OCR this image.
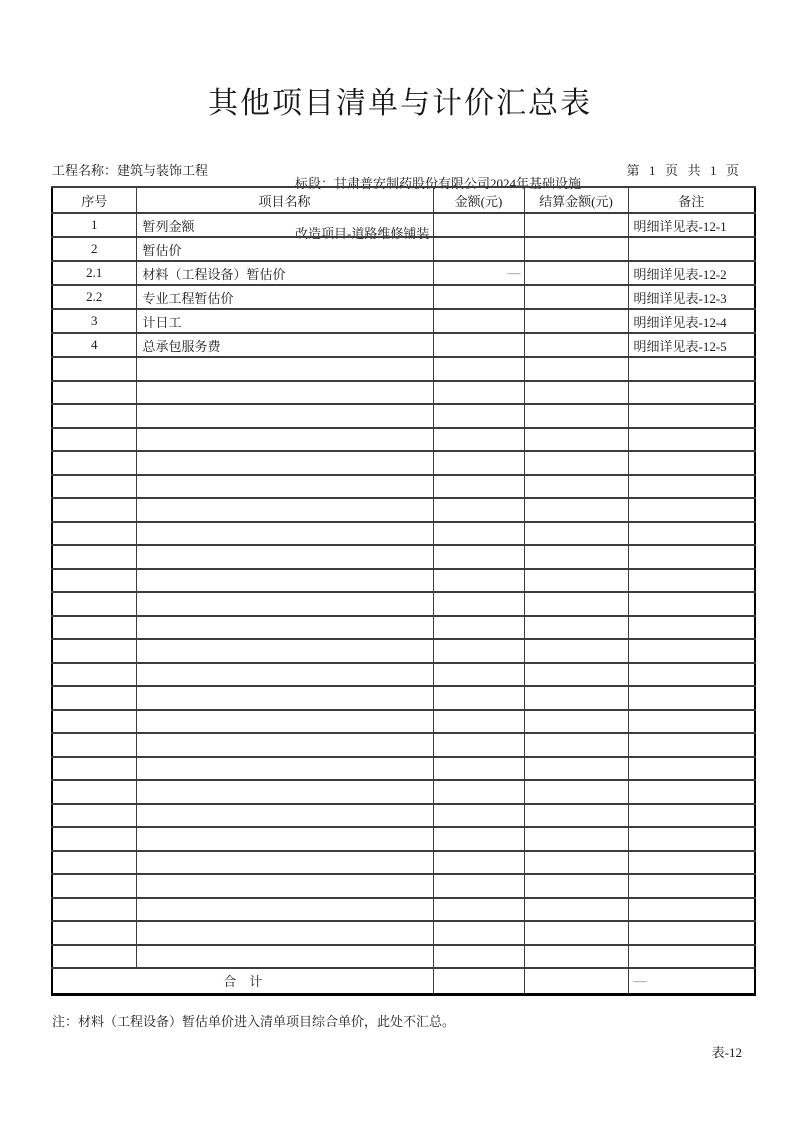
其他项目清单与计价汇总表
工程名称：建筑与装饰工程

标段：甘肃普安制药股份有限公司2024年基础设施

改造项目-道路维修铺装

第  1  页  共  1  页
序号	项目名称	金额(元)	结算金额(元)	备注
1	暂列金额			明细详见表-12-1
2	暂估价			
2.1	材料（工程设备）暂估价	—		明细详见表-12-2
2.2	专业工程暂估价			明细详见表-12-3
3	计日工			明细详见表-12-4
4	总承包服务费			明细详见表-12-5

合    计				—
注：材料（工程设备）暂估单价进入清单项目综合单价，此处不汇总。
表-12
